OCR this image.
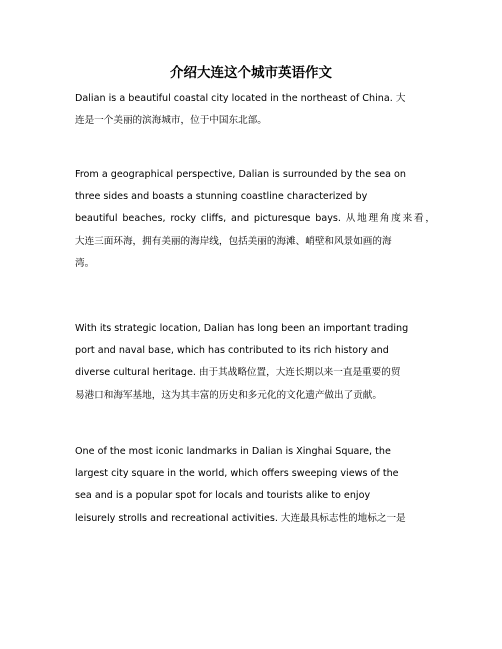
介绍大连这个城市英语作文

Dalian is a beautiful coastal city located in the northeast of China. 大
连是一个美丽的滨海城市，位于中国东北部。

From a geographical perspective, Dalian is surrounded by the sea on
three sides and boasts a stunning coastline characterized by
beautiful beaches, rocky cliffs, and picturesque bays. 从地理角度来看，
大连三面环海，拥有美丽的海岸线，包括美丽的海滩、峭壁和风景如画的海
湾。

With its strategic location, Dalian has long been an important trading
port and naval base, which has contributed to its rich history and
diverse cultural heritage. 由于其战略位置，大连长期以来一直是重要的贸
易港口和海军基地，这为其丰富的历史和多元化的文化遗产做出了贡献。

One of the most iconic landmarks in Dalian is Xinghai Square, the
largest city square in the world, which offers sweeping views of the
sea and is a popular spot for locals and tourists alike to enjoy
leisurely strolls and recreational activities. 大连最具标志性的地标之一是
